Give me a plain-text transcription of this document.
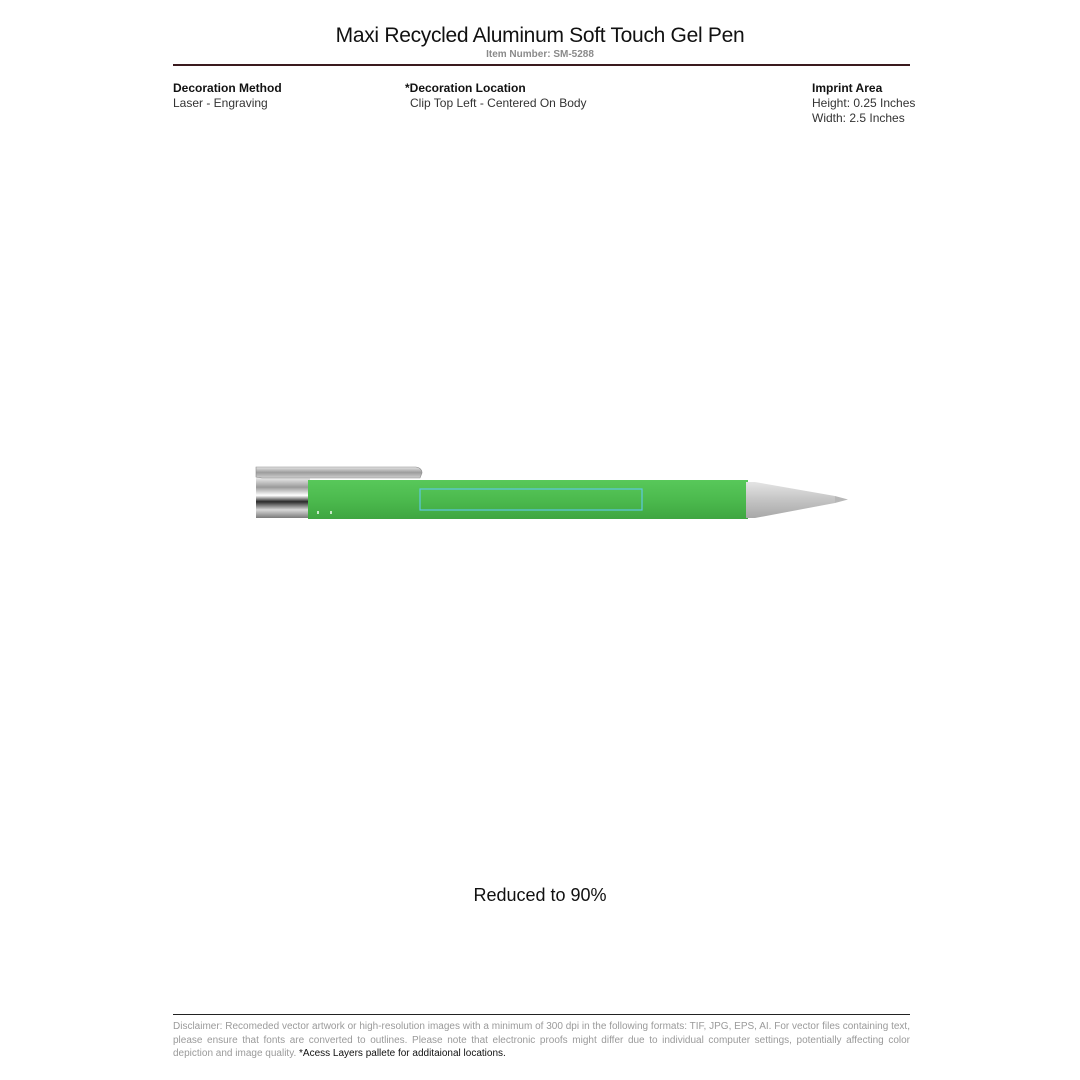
Maxi Recycled Aluminum Soft Touch Gel Pen
Item Number: SM-5288
Decoration Method
Laser - Engraving
*Decoration Location
Clip Top Left - Centered On Body
Imprint Area
Height: 0.25 Inches
Width: 2.5 Inches
Reduced to 90%
Disclaimer: Recomeded vector artwork or high-resolution images with a minimum of 300 dpi in the following formats: TIF, JPG, EPS, AI. For vector files containing text, please ensure that fonts are converted to outlines. Please note that electronic proofs might differ due to individual computer settings, potentially affecting color depiction and image quality. *Acess Layers pallete for additaional locations.
